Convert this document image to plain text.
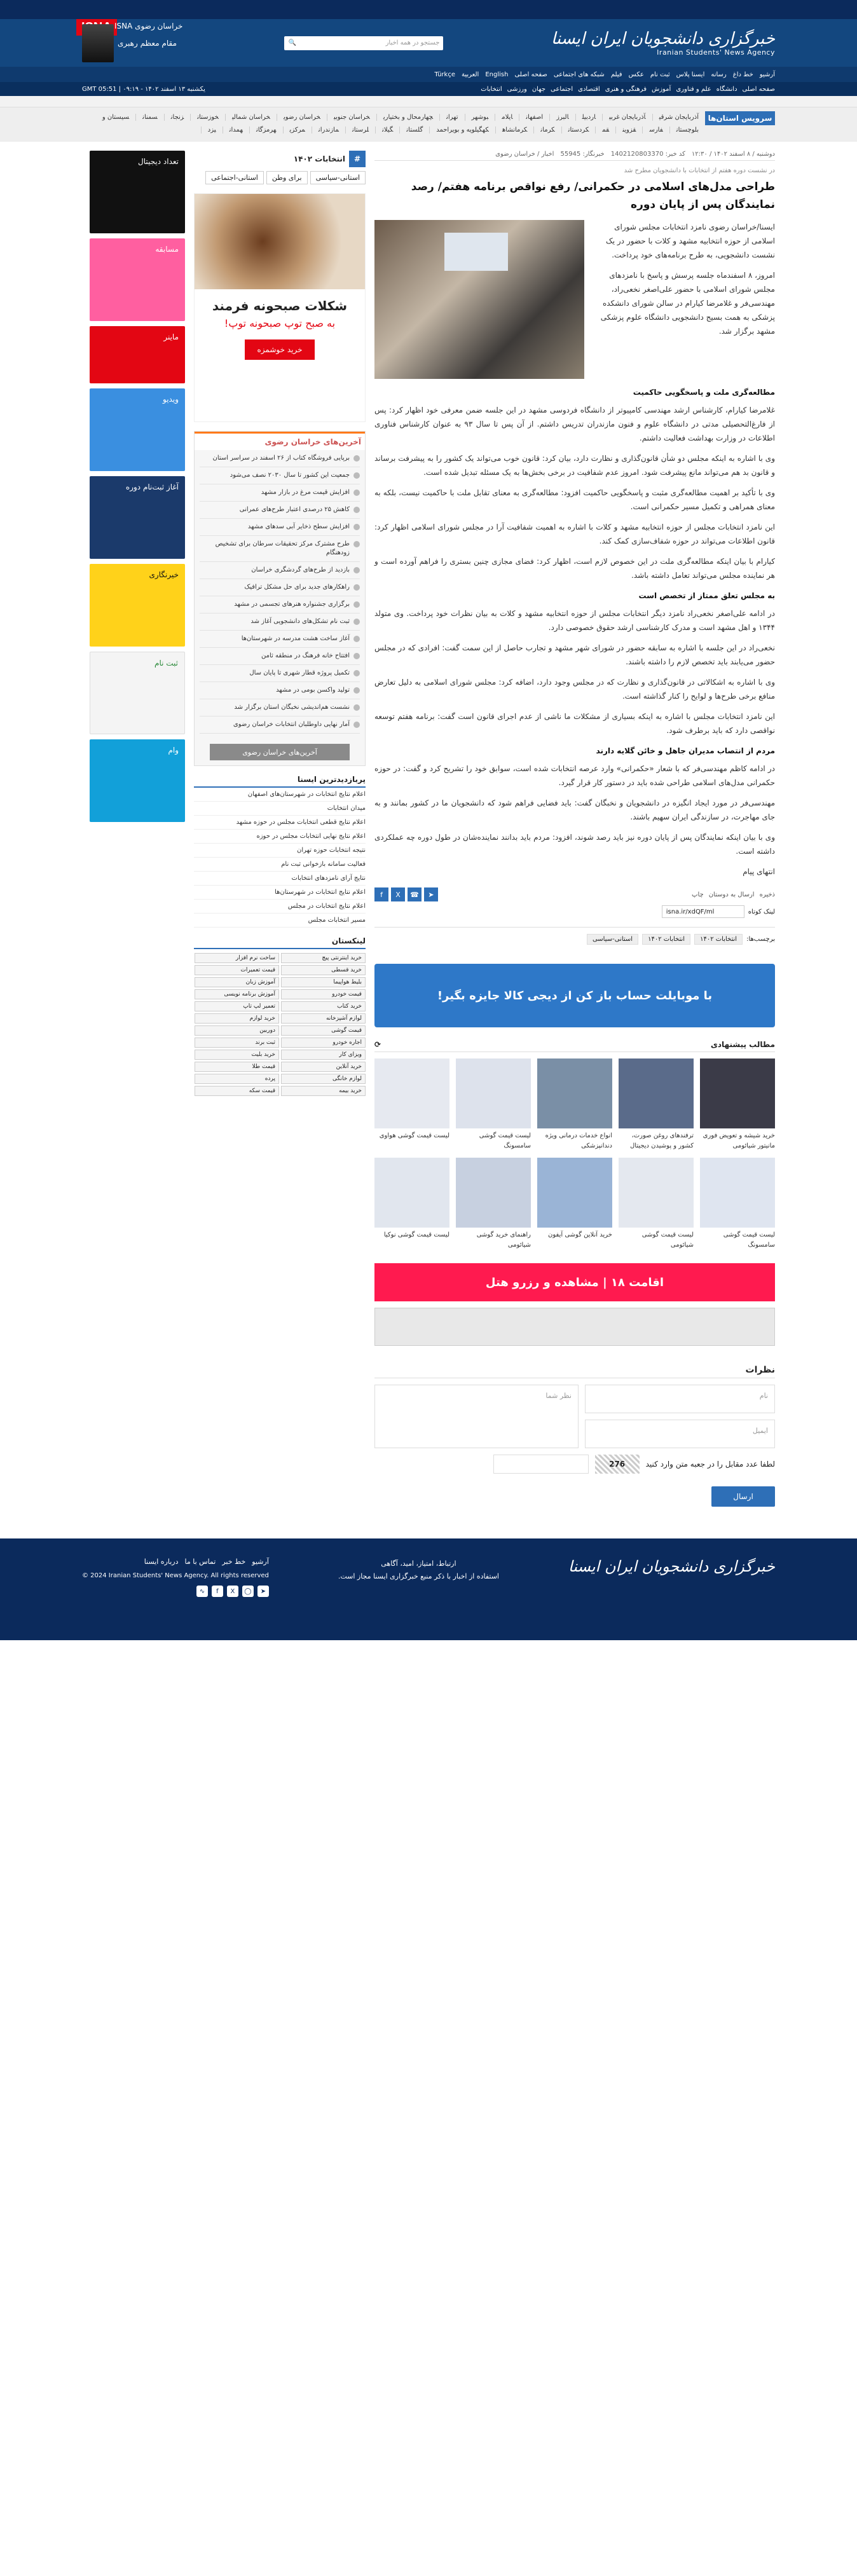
ISNA خراسان رضوی
خبرگزاری دانشجویان ایران ایسنا
Iranian Students' News Agency
جستجو در همه اخبار
🔍
مقام معظم رهبری
آرشیو
خط داغ
رسانه
ایسنا پلاس
ثبت نام
عکس
فیلم
شبکه های اجتماعی
صفحه اصلی
English
العربية
Türkçe
صفحه اصلی
دانشگاه
علم و فناوری
آموزش
فرهنگی و هنری
اقتصادی
اجتماعی
جهان
ورزشی
انتخابات
یکشنبه ۱۳ اسفند ۱۴۰۲ - ۰۹:۱۹ | GMT 05:51
سرویس استان‌ها
آذربایجان شرقیآذربایجان غربیاردبیلالبرزاصفهانایلامبوشهرتهرانچهارمحال و بختیاریخراسان جنوبیخراسان رضویخراسان شمالیخوزستانزنجانسمنانسیستان و بلوچستانفارسقزوینقمکردستانکرمانکرمانشاهکهگیلویه و بویراحمدگلستانگیلانلرستانمازندرانمرکزیهرمزگانهمدانیزد
دوشنبه / ۸ اسفند ۱۴۰۲ / ۱۲:۳۰
کد خبر: 1402120803370
خبرنگار: 55945
اخبار / خراسان رضوی
در نشست دوره هفتم از انتخابات با دانشجویان مطرح شد
طراحی مدل‌های اسلامی در حکمرانی/ رفع نواقص برنامه هفتم/ رصد نمایندگان پس از پایان دوره

ایسنا/خراسان رضوی نامزد انتخابات مجلس شورای اسلامی از حوزه انتخابیه مشهد و کلات با حضور در یک نشست دانشجویی، به طرح برنامه‌های خود پرداخت.

امروز، ۸ اسفندماه جلسه پرسش و پاسخ با نامزدهای مجلس شورای اسلامی با حضور علی‌اصغر نخعی‌راد، مهندسی‌فر و غلامرضا کیارام در سالن شورای دانشکده پزشکی به همت بسیج دانشجویی دانشگاه علوم پزشکی مشهد برگزار شد.

مطالعه‌گری ملت و پاسخگویی حاکمیت

غلامرضا کیارام، کارشناس ارشد مهندسی کامپیوتر از دانشگاه فردوسی مشهد در این جلسه ضمن معرفی خود اظهار کرد: پس از فارغ‌التحصیلی مدتی در دانشگاه علوم و فنون مازندران تدریس داشتم. از آن پس تا سال ۹۳ به عنوان کارشناس فناوری اطلاعات در وزارت بهداشت فعالیت داشتم.

وی با اشاره به اینکه مجلس دو شأن قانون‌گذاری و نظارت دارد، بیان کرد: قانون خوب می‌تواند یک کشور را به پیشرفت برساند و قانون بد هم می‌تواند مانع پیشرفت شود. امروز عدم شفافیت در برخی بخش‌ها به یک مسئله تبدیل شده است.

وی با تأکید بر اهمیت مطالعه‌گری مثبت و پاسخگویی حاکمیت افزود: مطالعه‌گری به معنای تقابل ملت با حاکمیت نیست، بلکه به معنای همراهی و تکمیل مسیر حکمرانی است.

این نامزد انتخابات مجلس از حوزه انتخابیه مشهد و کلات با اشاره به اهمیت شفافیت آرا در مجلس شورای اسلامی اظهار کرد: قانون اطلاعات می‌تواند در حوزه شفاف‌سازی کمک کند.

کیارام با بیان اینکه مطالعه‌گری ملت در این خصوص لازم است، اظهار کرد: فضای مجازی چنین بستری را فراهم آورده است و هر نماینده مجلس می‌تواند تعامل داشته باشد.

به مجلس تعلق ممتاز از تخصص است

در ادامه علی‌اصغر نخعی‌راد نامزد دیگر انتخابات مجلس از حوزه انتخابیه مشهد و کلات به بیان نظرات خود پرداخت. وی متولد ۱۳۴۴ و اهل مشهد است و مدرک کارشناسی ارشد حقوق خصوصی دارد.

نخعی‌راد در این جلسه با اشاره به سابقه حضور در شورای شهر مشهد و تجارب حاصل از این سمت گفت: افرادی که در مجلس حضور می‌یابند باید تخصص لازم را داشته باشند.

وی با اشاره به اشکالاتی در قانون‌گذاری و نظارت که در مجلس وجود دارد، اضافه کرد: مجلس شورای اسلامی به دلیل تعارض منافع برخی طرح‌ها و لوایح را کنار گذاشته است.

این نامزد انتخابات مجلس با اشاره به اینکه بسیاری از مشکلات ما ناشی از عدم اجرای قانون است گفت: برنامه هفتم توسعه نواقصی دارد که باید برطرف شود.

مردم از انتصاب مدیران جاهل و خائن گلایه دارند

در ادامه کاظم مهندسی‌فر که با شعار «حکمرانی» وارد عرصه انتخابات شده است، سوابق خود را تشریح کرد و گفت: در حوزه حکمرانی مدل‌های اسلامی طراحی شده باید در دستور کار قرار گیرد.

مهندسی‌فر در مورد ایجاد انگیزه در دانشجویان و نخبگان گفت: باید فضایی فراهم شود که دانشجویان ما در کشور بمانند و به جای مهاجرت، در سازندگی ایران سهیم باشند.

وی با بیان اینکه نمایندگان پس از پایان دوره نیز باید رصد شوند، افزود: مردم باید بدانند نماینده‌شان در طول دوره چه عملکردی داشته است.

انتهای پیام

ذخیره
ارسال به دوستان
چاپ
➤
☎
X
f
لینک کوتاه
isna.ir/xdQF/ml
برچسب‌ها:
انتخابات ۱۴۰۲
انتخابات ۱۴۰۲
استانی-سیاسی
با موبایلت حساب باز کن از دیجی کالا جایزه بگیر!
مطالب پیشنهادی
⟳
خرید شیشه و تعویض فوری مانیتور شیائومی
ترفندهای روغن صورت، کشور و پوشیدن دیجیتال
انواع خدمات درمانی ویژه دندانپزشکی
لیست قیمت گوشی سامسونگ
لیست قیمت گوشی هواوی
لیست قیمت گوشی سامسونگ
لیست قیمت گوشی شیائومی
خرید آنلاین گوشی آیفون
راهنمای خرید گوشی شیائومی
لیست قیمت گوشی نوکیا
اقامت ۱۸ | مشاهده و رزرو هتل
نظرات
نام
ایمیل
نظر شما
لطفا عدد مقابل را در جعبه متن وارد کنید
276
ارسال
#
انتخابات ۱۴۰۲
استانی-سیاسی
برای وطن
استانی-اجتماعی
شکلات صبحونه فرمند
به صبح توپ صبحونه توپ!
خرید خوشمزه
آخرین‌های خراسان رضوی
برپایی فروشگاه کتاب از ۲۶ اسفند در سراسر استان
جمعیت این کشور تا سال ۲۰۳۰ نصف می‌شود
افزایش قیمت مرغ در بازار مشهد
کاهش ۲۵ درصدی اعتبار طرح‌های عمرانی
افزایش سطح ذخایر آبی سدهای مشهد
طرح مشترک مرکز تحقیقات سرطان برای تشخیص زودهنگام
بازدید از طرح‌های گردشگری خراسان
راهکارهای جدید برای حل مشکل ترافیک
برگزاری جشنواره هنرهای تجسمی در مشهد
ثبت نام تشکل‌های دانشجویی آغاز شد
آغاز ساخت هشت مدرسه در شهرستان‌ها
افتتاح خانه فرهنگ در منطقه ثامن
تکمیل پروژه قطار شهری تا پایان سال
تولید واکسن بومی در مشهد
نشست هم‌اندیشی نخبگان استان برگزار شد
آمار نهایی داوطلبان انتخابات خراسان رضوی
آخرین‌های خراسان رضوی
پربازدیدترین ایسنا
اعلام نتایج انتخابات در شهرستان‌های اصفهان
میدان انتخابات
اعلام نتایج قطعی انتخابات مجلس در حوزه مشهد
اعلام نتایج نهایی انتخابات مجلس در حوزه
نتیجه انتخابات حوزه تهران
فعالیت سامانه بازخوانی ثبت نام
نتایج آرای نامزدهای انتخابات
اعلام نتایج انتخابات در شهرستان‌ها
اعلام نتایج انتخابات در مجلس
مسیر انتخابات مجلس
لینکستان
خرید اینترنتی پیچ
ساخت نرم افزار
خرید قسطی
قیمت تعمیرات
بلیط هواپیما
آموزش زبان
قیمت خودرو
آموزش برنامه نویسی
خرید کتاب
تعمیر لپ تاپ
لوازم آشپزخانه
خرید لوازم
قیمت گوشی
دوربین
اجاره خودرو
ثبت برند
ویزای کار
خرید بلیت
خرید آنلاین
قیمت طلا
لوازم خانگی
پرده
خرید بیمه
قیمت سکه
تعداد دیجیتال
مسابقه
ماینر
ویدیو
آغاز ثبت‌نام دوره
خیرنگاری
ثبت نام
وام
خبرگزاری دانشجویان ایران ایسنا
ارتباط، امتیاز، امید، آگاهی
استفاده از اخبار با ذکر منبع خبرگزاری ایسنا مجاز است.
آرشیو
خط خبر
تماس با ما
درباره ایسنا
© 2024 Iranian Students' News Agency. All rights reserved
➤
◯
X
f
∿
